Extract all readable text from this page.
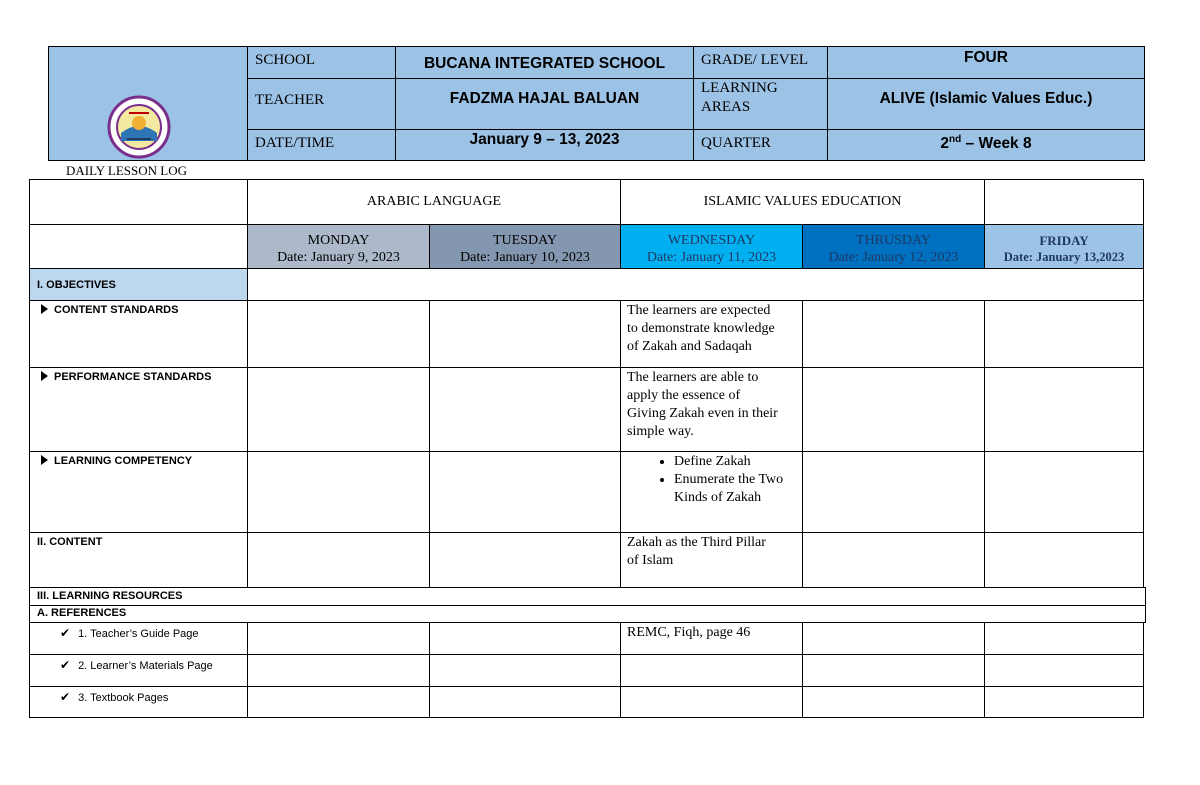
SCHOOL	BUCANA INTEGRATED SCHOOL	GRADE/ LEVEL	FOUR
TEACHER	FADZMA HAJAL BALUAN
LEARNING
AREAS	ALIVE (Islamic Values Educ.)
DATE/TIME	January 9 – 13, 2023	QUARTER	2nd – Week 8
DAILY LESSON LOG
ARABIC LANGUAGE	ISLAMIC VALUES EDUCATION
MONDAY
Date: January 9, 2023
TUESDAY
Date: January 10, 2023
WEDNESDAY
Date: January 11, 2023
THRUSDAY
Date: January 12, 2023
FRIDAY
Date: January 13,2023
I. OBJECTIVES
CONTENT STANDARDS	The learners are expected
to demonstrate knowledge
of Zakah and Sadaqah
PERFORMANCE STANDARDS	The learners are able to
apply the essence of
Giving Zakah even in their
simple way.
LEARNING COMPETENCY
•	Define Zakah
• Enumerate the Two
Kinds of Zakah
II. CONTENT	Zakah as the Third Pillar
of Islam
III. LEARNING RESOURCES
A. REFERENCES
✔ 1. Teacher’s Guide Page	REMC, Fiqh, page 46
✔ 2. Learner’s Materials Page
✔ 3. Textbook Pages
